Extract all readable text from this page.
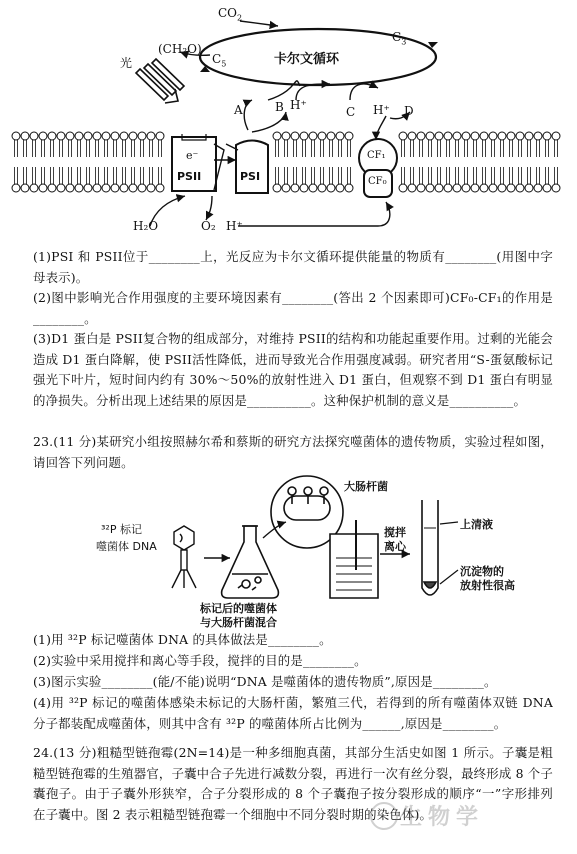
$CO_2$
卡尔文循环
$C_3$
$C_5$
(CH₂O)
光
A	B H⁺	C H⁺ D
e⁻
PSII	PSI
CF₁
CF₀
H₂O	O₂ H⁺
(1)PSI 和 PSII位于________上，光反应为卡尔文循环提供能量的物质有________(用图中字母表示)。
(2)图中影响光合作用强度的主要环境因素有________(答出 2 个因素即可)CF₀-CF₁的作用是________。
(3)D1 蛋白是 PSII复合物的组成部分，对维持 PSII的结构和功能起重要作用。过剩的光能会造成 D1 蛋白降解，使 PSII活性降低，进而导致光合作用强度减弱。研究者用“S-蛋氨酸标记强光下叶片，短时间内约有 30%～50%的放射性进入 D1 蛋白，但观察不到 D1 蛋白有明显的净损失。分析出现上述结果的原因是__________。这种保护机制的意义是__________。
23.(11 分)某研究小组按照赫尔希和蔡斯的研究方法探究噬菌体的遗传物质，实验过程如图，请回答下列问题。
³²P 标记
噬菌体 DNA
大肠杆菌
搅拌
离心
上清液
沉淀物的
放射性很高
标记后的噬菌体
与大肠杆菌混合
(1)用 ³²P 标记噬菌体 DNA 的具体做法是________。
(2)实验中采用搅拌和离心等手段，搅拌的目的是________。
(3)图示实验________(能/不能)说明“DNA 是噬菌体的遗传物质”,原因是________。
(4)用 ³²P 标记的噬菌体感染未标记的大肠杆菌，繁殖三代，若得到的所有噬菌体双链 DNA 分子都装配成噬菌体，则其中含有 ³²P 的噬菌体所占比例为______,原因是________。
24.(13 分)粗糙型链孢霉(2N=14)是一种多细胞真菌，其部分生活史如图 1 所示。子囊是粗糙型链孢霉的生殖器官，子囊中合子先进行减数分裂，再进行一次有丝分裂，最终形成 8 个子囊孢子。由于子囊外形狭窄，合子分裂形成的 8 个子囊孢子按分裂形成的顺序“一”字形排列在子囊中。图 2 表示粗糙型链孢霉一个细胞中不同分裂时期的染色体)。
生物学
